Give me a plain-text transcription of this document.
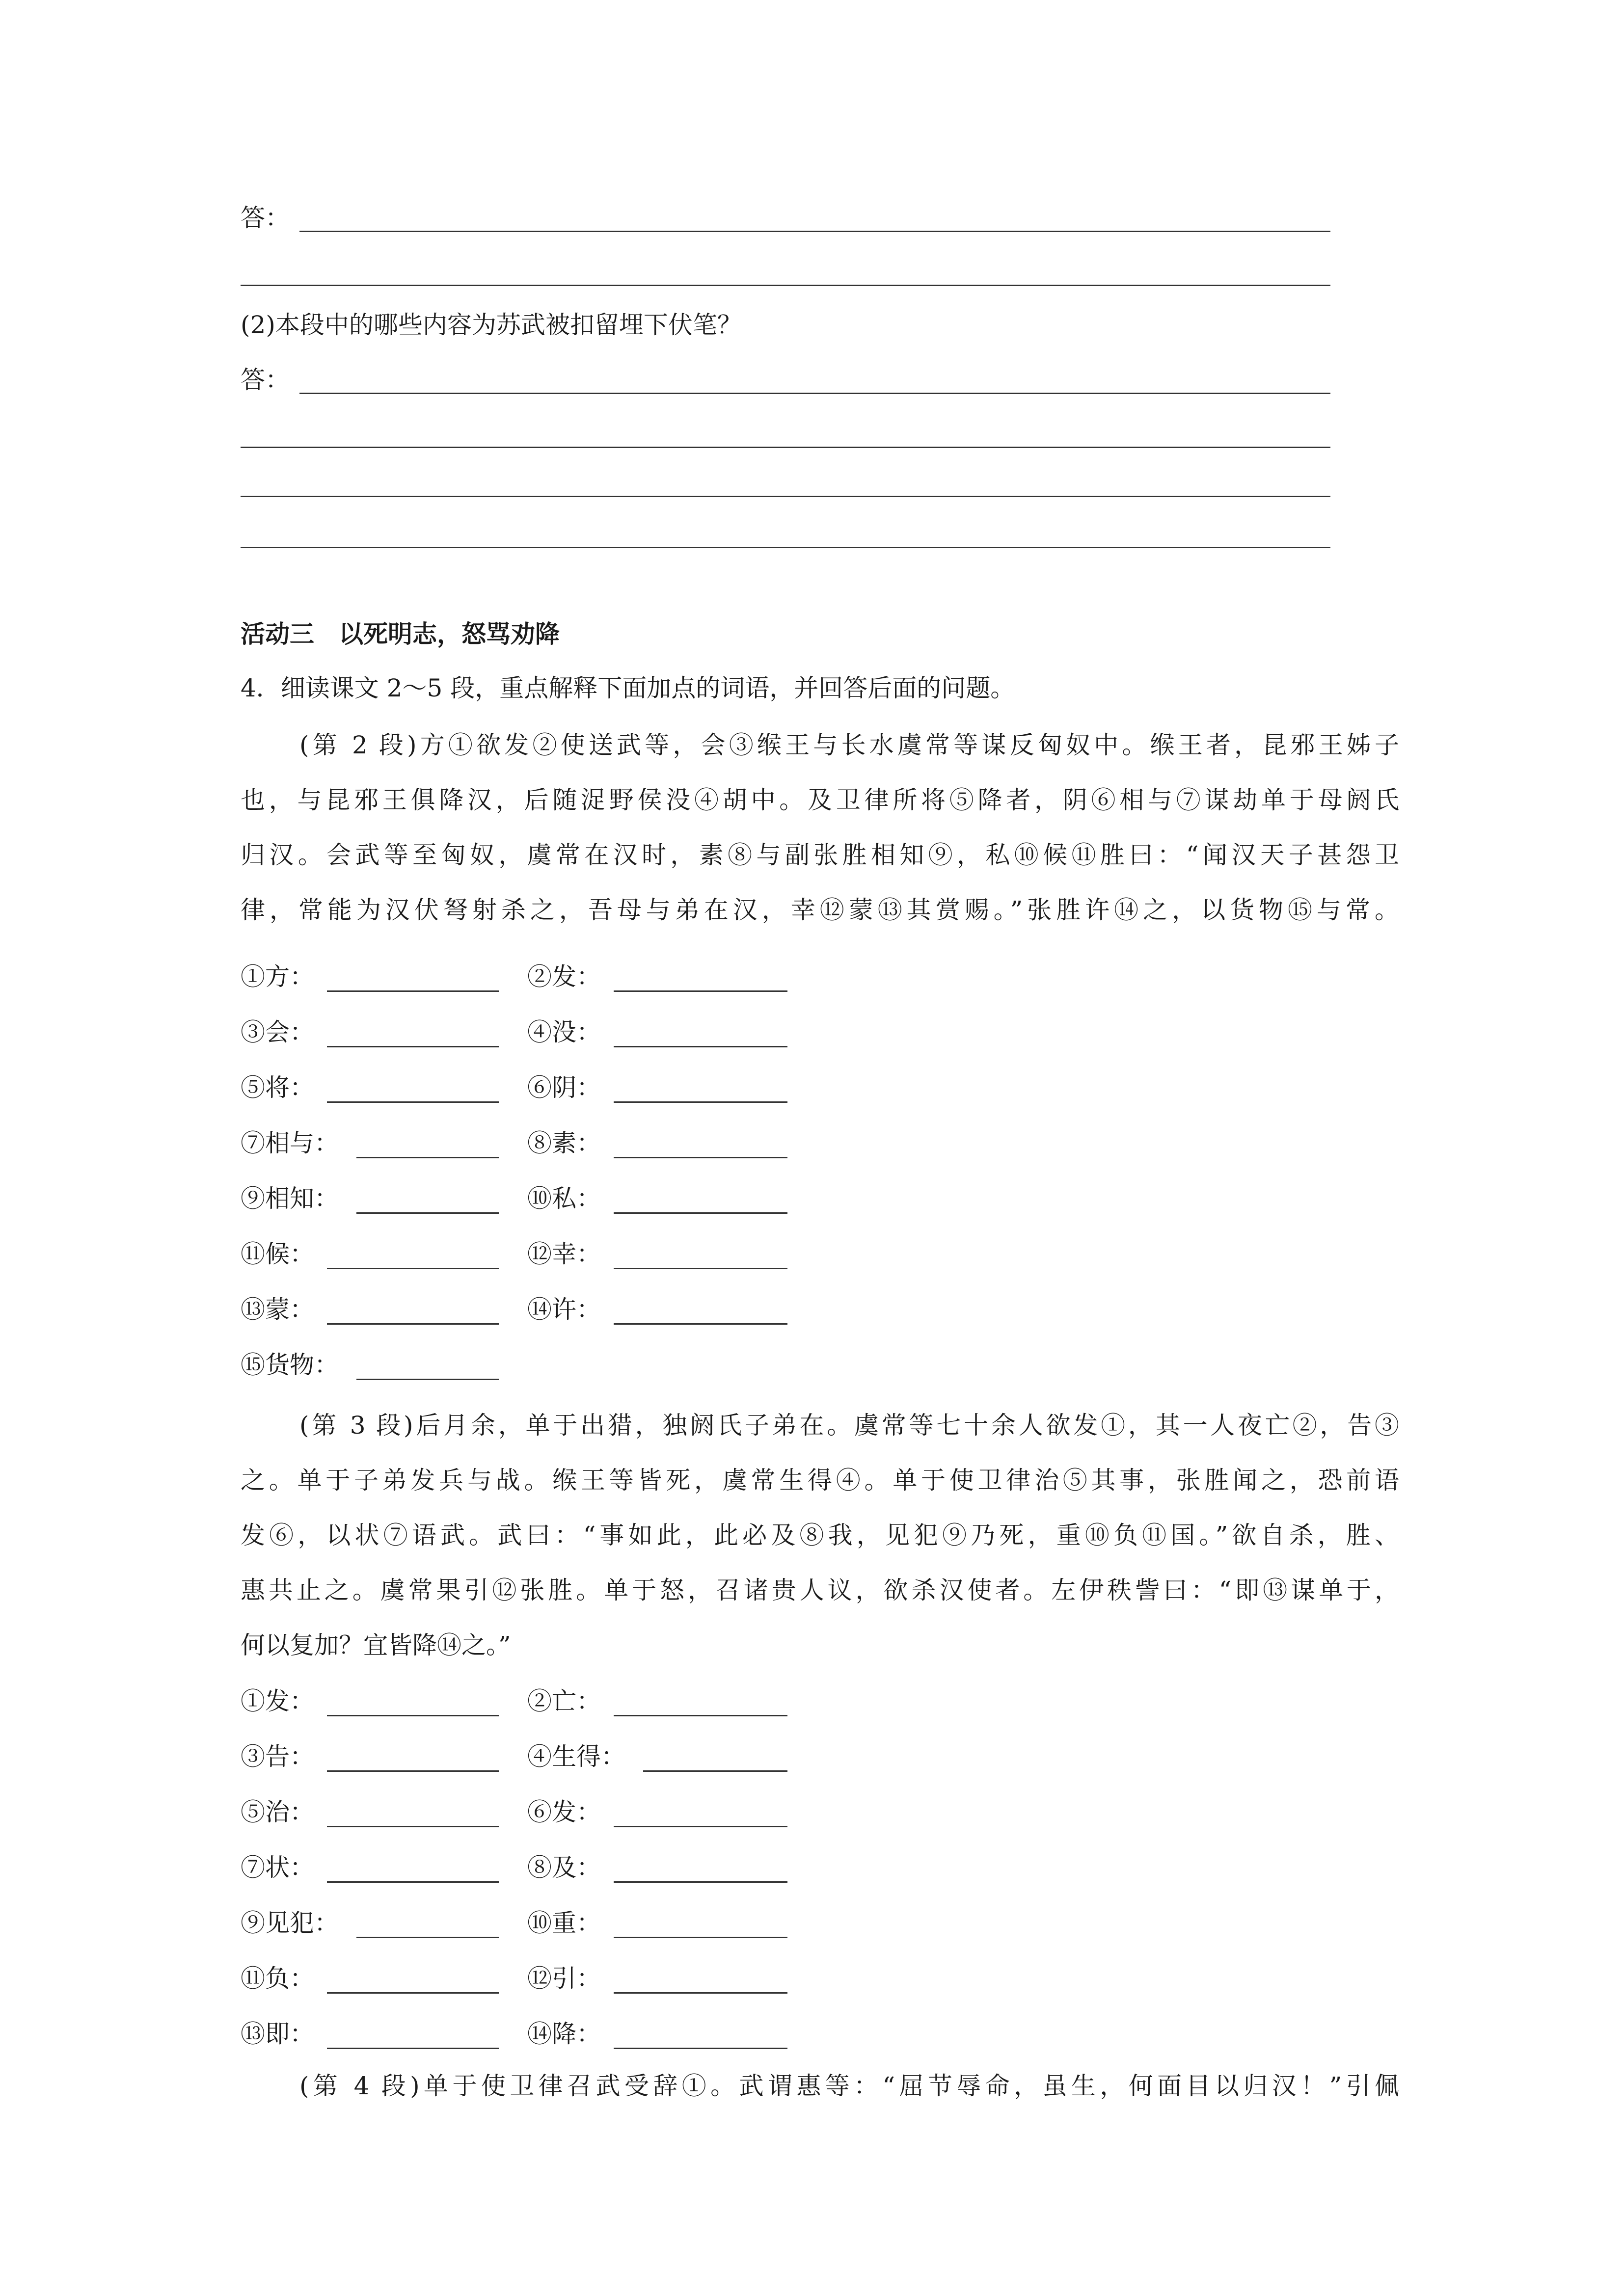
答：
(2)本段中的哪些内容为苏武被扣留埋下伏笔？
答：
活动三　以死明志，怒骂劝降
4．细读课文 2～5 段，重点解释下面加点的词语，并回答后面的问题。
(第 2 段)方①欲发②使送武等，会③缑王与长水虞常等谋反匈奴中。缑王者，昆邪王姊子
也，与昆邪王俱降汉，后随浞野侯没④胡中。及卫律所将⑤降者，阴⑥相与⑦谋劫单于母阏氏
归汉。会武等至匈奴，虞常在汉时，素⑧与副张胜相知⑨，私⑩候⑪胜曰：“闻汉天子甚怨卫
律，常能为汉伏弩射杀之，吾母与弟在汉，幸⑫蒙⑬其赏赐。”张胜许⑭之，以货物⑮与常。
①方：	②发：
③会：	④没：
⑤将：	⑥阴：
⑦相与：	⑧素：
⑨相知：	⑩私：
⑪候：	⑫幸：
⑬蒙：	⑭许：
⑮货物：
(第 3 段)后月余，单于出猎，独阏氏子弟在。虞常等七十余人欲发①，其一人夜亡②，告③
之。单于子弟发兵与战。缑王等皆死，虞常生得④。单于使卫律治⑤其事，张胜闻之，恐前语
发⑥，以状⑦语武。武曰：“事如此，此必及⑧我，见犯⑨乃死，重⑩负⑪国。”欲自杀，胜、
惠共止之。虞常果引⑫张胜。单于怒，召诸贵人议，欲杀汉使者。左伊秩訾曰：“即⑬谋单于，
何以复加？宜皆降⑭之。”
①发：	②亡：
③告：	④生得：
⑤治：	⑥发：
⑦状：	⑧及：
⑨见犯：	⑩重：
⑪负：	⑫引：
⑬即：	⑭降：
(第 4 段)单于使卫律召武受辞①。武谓惠等：“屈节辱命，虽生，何面目以归汉！”引佩
